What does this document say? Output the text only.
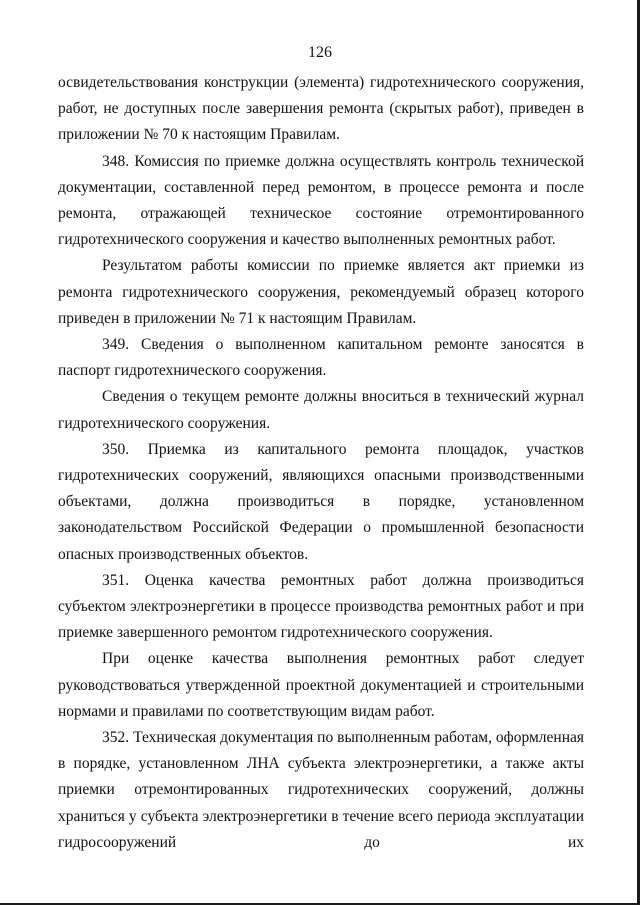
126

освидетельствования конструкции (элемента) гидротехнического сооружения, работ, не доступных после завершения ремонта (скрытых работ), приведен в приложении № 70 к настоящим Правилам.

348. Комиссия по приемке должна осуществлять контроль технической документации, составленной перед ремонтом, в процессе ремонта и после ремонта, отражающей техническое состояние отремонтированного гидротехнического сооружения и качество выполненных ремонтных работ.

Результатом работы комиссии по приемке является акт приемки из ремонта гидротехнического сооружения, рекомендуемый образец которого приведен в приложении № 71 к настоящим Правилам.

349. Сведения о выполненном капитальном ремонте заносятся в паспорт гидротехнического сооружения.

Сведения о текущем ремонте должны вноситься в технический журнал гидротехнического сооружения.

350. Приемка из капитального ремонта площадок, участков гидротехнических сооружений, являющихся опасными производственными объектами, должна производиться в порядке, установленном законодательством Российской Федерации о промышленной безопасности опасных производственных объектов.

351. Оценка качества ремонтных работ должна производиться субъектом электроэнергетики в процессе производства ремонтных работ и при приемке завершенного ремонтом гидротехнического сооружения.

При оценке качества выполнения ремонтных работ следует руководствоваться утвержденной проектной документацией и строительными нормами и правилами по соответствующим видам работ.

352. Техническая документация по выполненным работам, оформленная в порядке, установленном ЛНА субъекта электроэнергетики, а также акты приемки отремонтированных гидротехнических сооружений, должны храниться у субъекта электроэнергетики в течение всего периода эксплуатации гидросооружений до их
